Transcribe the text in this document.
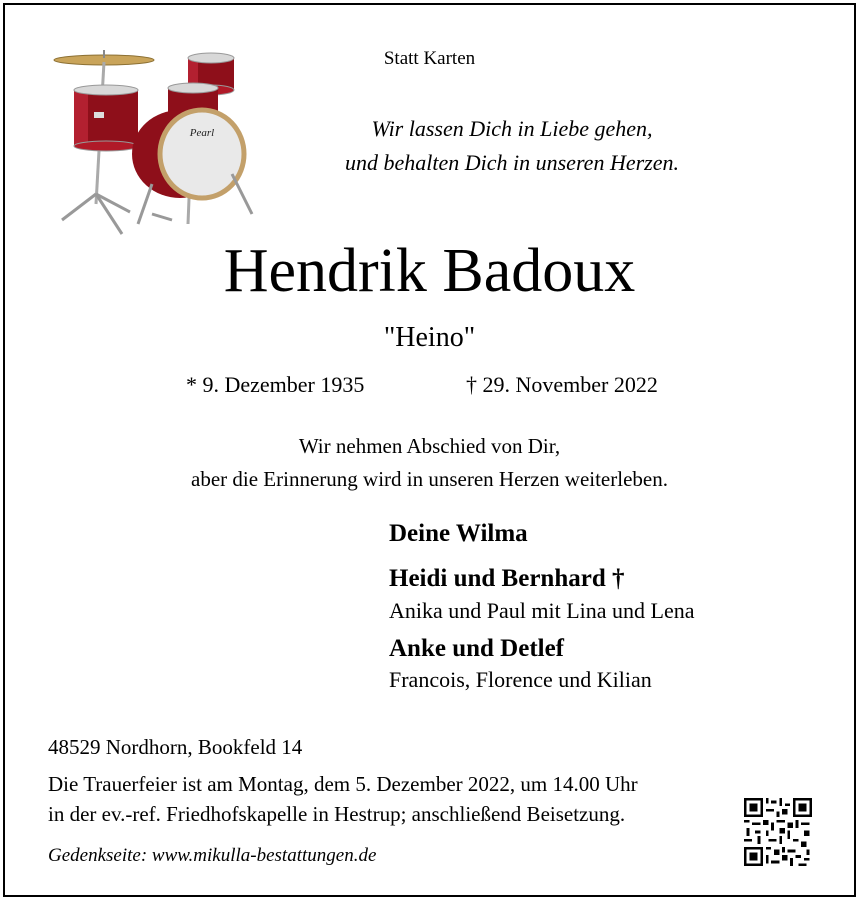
Pearl
Statt Karten
Wir lassen Dich in Liebe gehen,
und behalten Dich in unseren Herzen.
Hendrik Badoux
"Heino"
* 9. Dezember 1935	† 29. November 2022
Wir nehmen Abschied von Dir,
aber die Erinnerung wird in unseren Herzen weiterleben.
Deine Wilma
Heidi und Bernhard †
Anika und Paul mit Lina und Lena
Anke und Detlef
Francois, Florence und Kilian
48529 Nordhorn, Bookfeld 14
Die Trauerfeier ist am Montag, dem 5. Dezember 2022, um 14.00 Uhr
in der ev.-ref. Friedhofskapelle in Hestrup; anschließend Beisetzung.
Gedenkseite: www.mikulla-bestattungen.de
